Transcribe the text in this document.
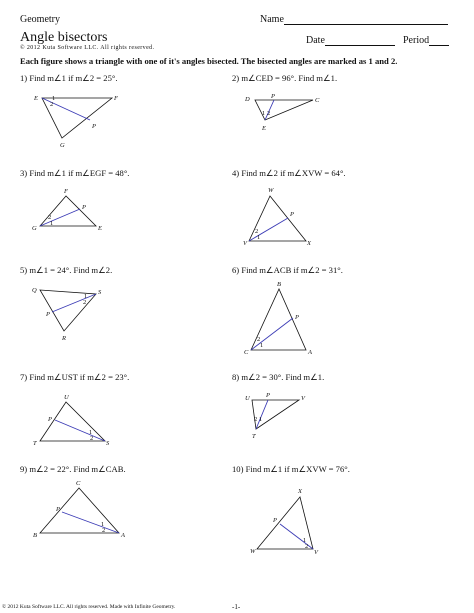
Geometry	Name
Angle bisectors	Date	Period
© 2012 Kuta Software LLC. All rights reserved.
Each figure shows a triangle with one of it's angles bisected. The bisected angles are marked as 1 and 2.
1) Find m∠1 if m∠2 = 25°.	2) m∠CED = 96°. Find m∠1.
3) Find m∠1 if m∠EGF = 48°.	4) Find m∠2 if m∠XVW = 64°.
5) m∠1 = 24°. Find m∠2.	6) Find m∠ACB if m∠2 = 31°.
7) Find m∠UST if m∠2 = 23°.	8) m∠2 = 30°. Find m∠1.
9) m∠2 = 22°. Find m∠CAB.	10) Find m∠1 if m∠XVW = 76°.
E	F
P
G
D	P
C
E
F
P
G	E
W
P
V	X
Q	S
P
R
B
P
C	A
U
P
T	S
U	P	V
T
C
P
B	A
X
P
W	V
1
2
1 2
2
1
2
1
1
2
2
1
1
2
2 1
1
2
1
2
© 2012 Kuta Software LLC. All rights reserved. Made with Infinite Geometry.	-1-
